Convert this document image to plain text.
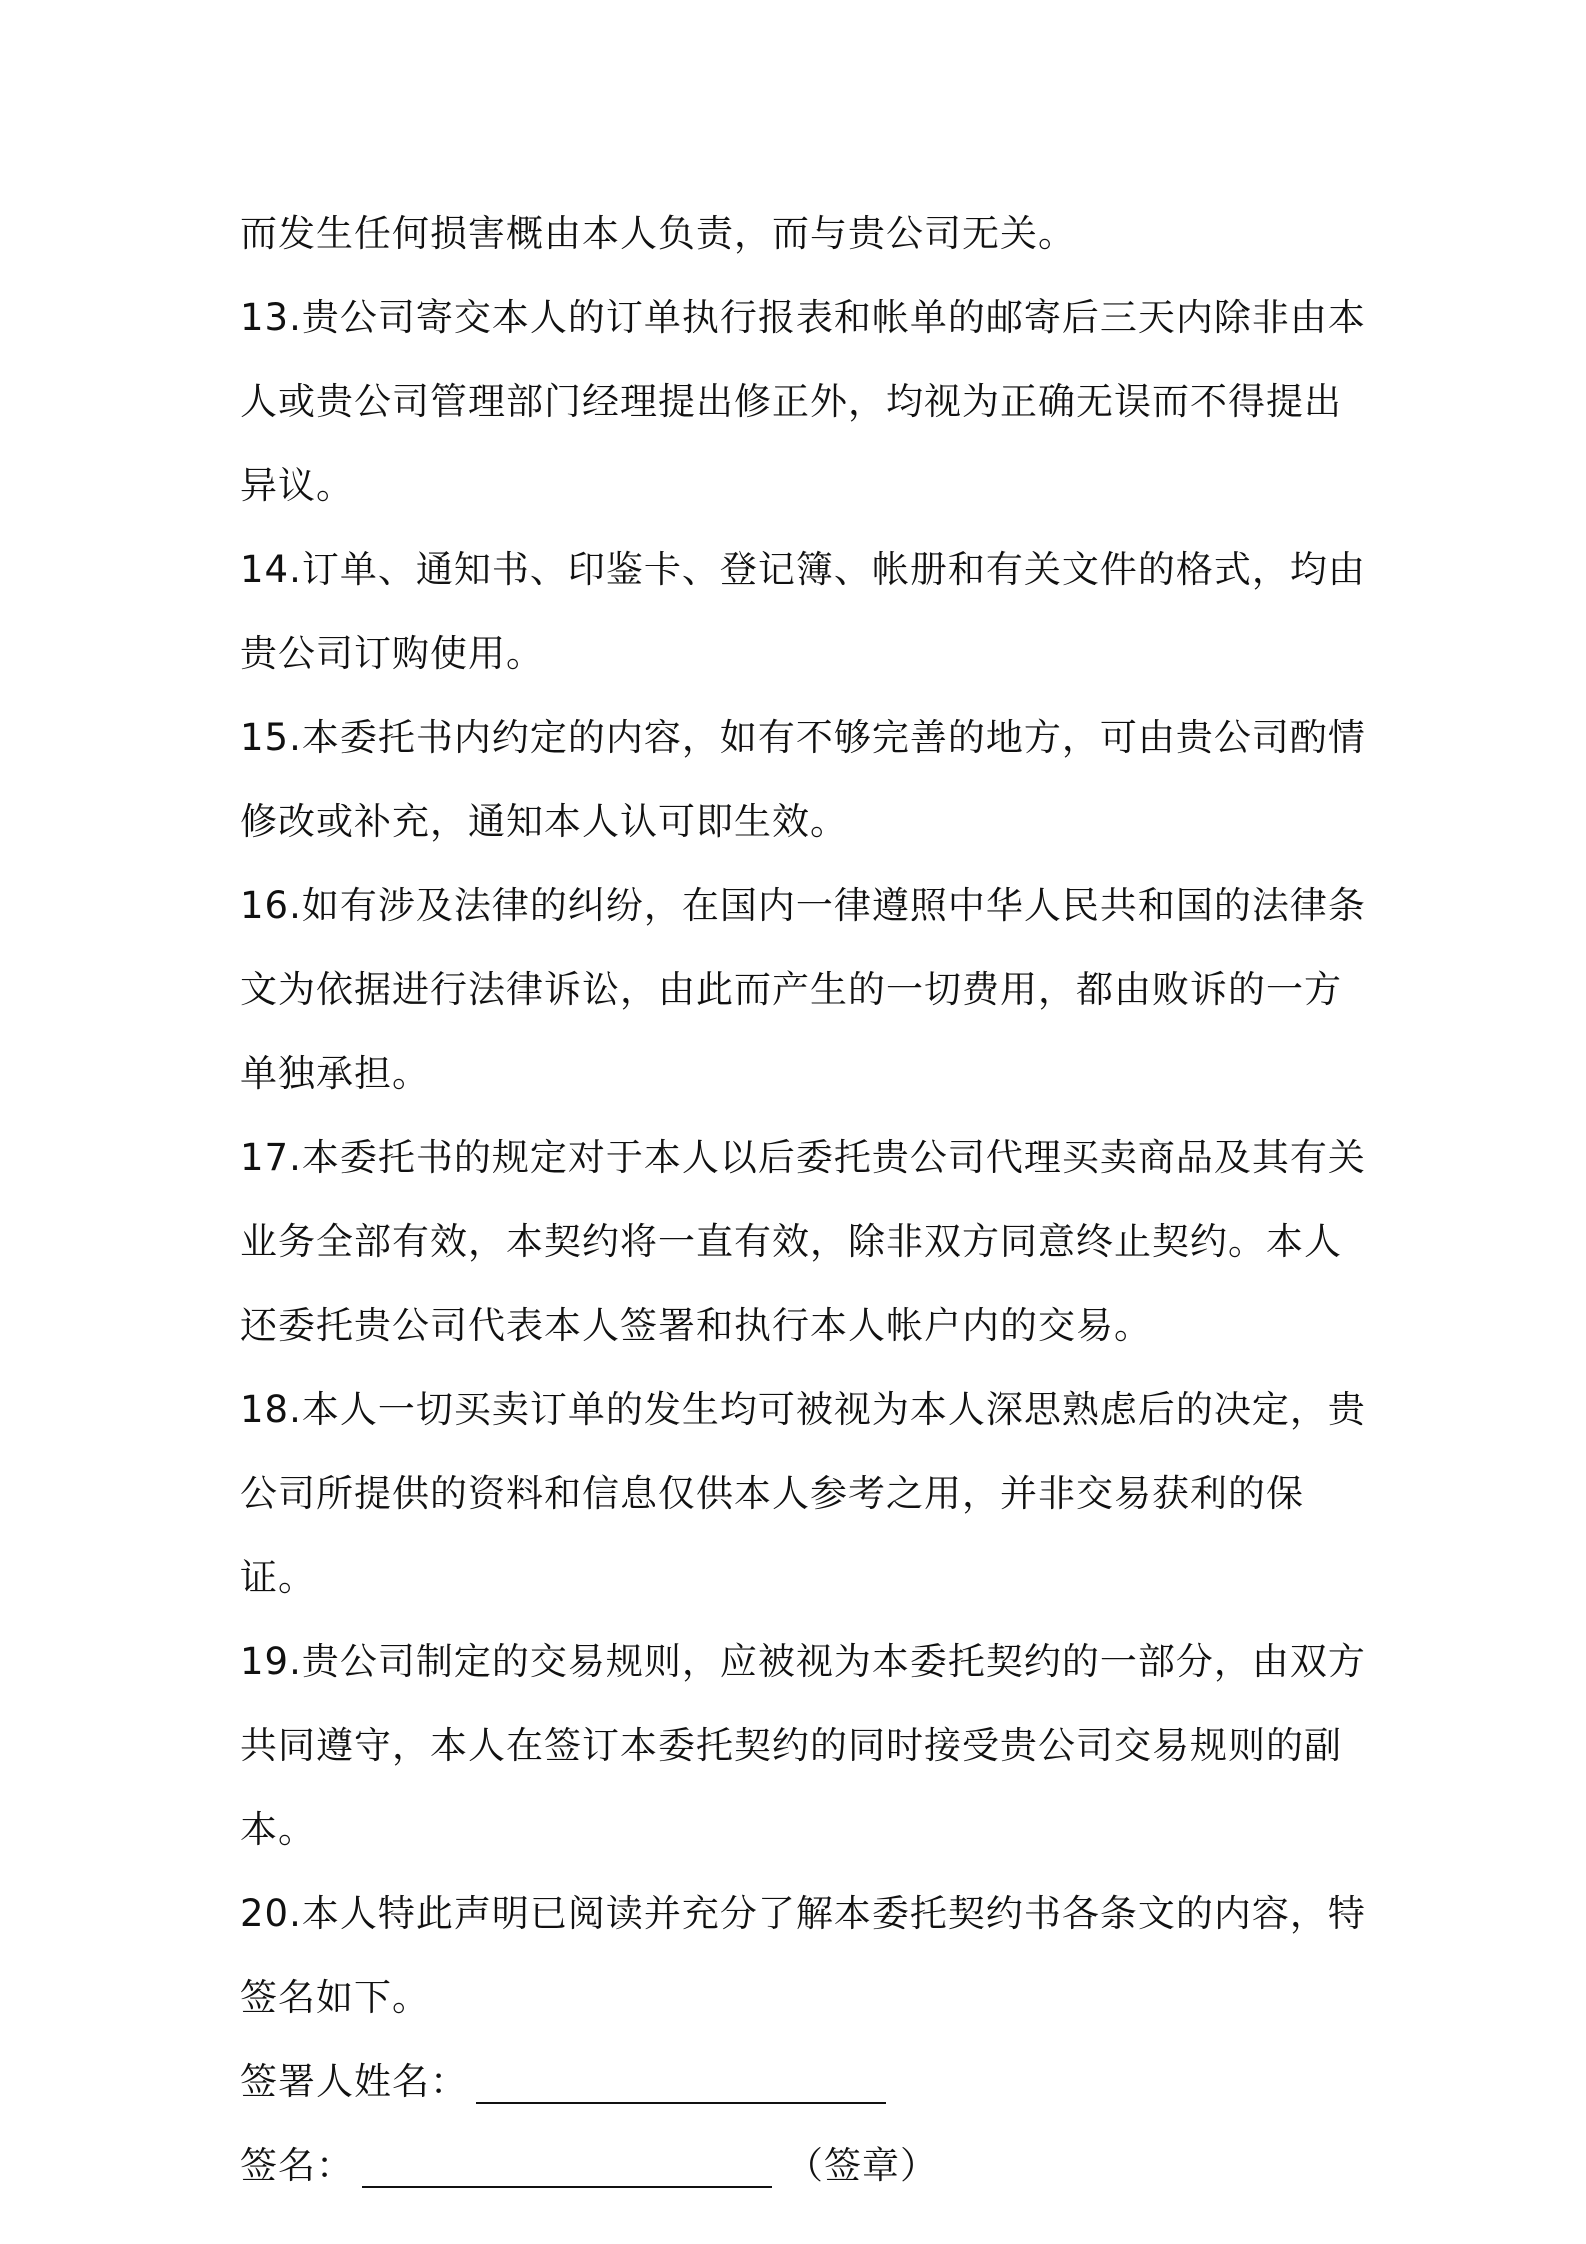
而发生任何损害概由本人负责，而与贵公司无关。

13.贵公司寄交本人的订单执行报表和帐单的邮寄后三天内除非由本人或贵公司管理部门经理提出修正外，均视为正确无误而不得提出异议。

14.订单、通知书、印鉴卡、登记簿、帐册和有关文件的格式，均由贵公司订购使用。

15.本委托书内约定的内容，如有不够完善的地方，可由贵公司酌情修改或补充，通知本人认可即生效。

16.如有涉及法律的纠纷，在国内一律遵照中华人民共和国的法律条文为依据进行法律诉讼，由此而产生的一切费用，都由败诉的一方单独承担。

17.本委托书的规定对于本人以后委托贵公司代理买卖商品及其有关业务全部有效，本契约将一直有效，除非双方同意终止契约。本人还委托贵公司代表本人签署和执行本人帐户内的交易。

18.本人一切买卖订单的发生均可被视为本人深思熟虑后的决定，贵公司所提供的资料和信息仅供本人参考之用，并非交易获利的保证。

19.贵公司制定的交易规则，应被视为本委托契约的一部分，由双方共同遵守，本人在签订本委托契约的同时接受贵公司交易规则的副本。

20.本人特此声明已阅读并充分了解本委托契约书各条文的内容，特签名如下。

签署人姓名：
签名：	（签章）
